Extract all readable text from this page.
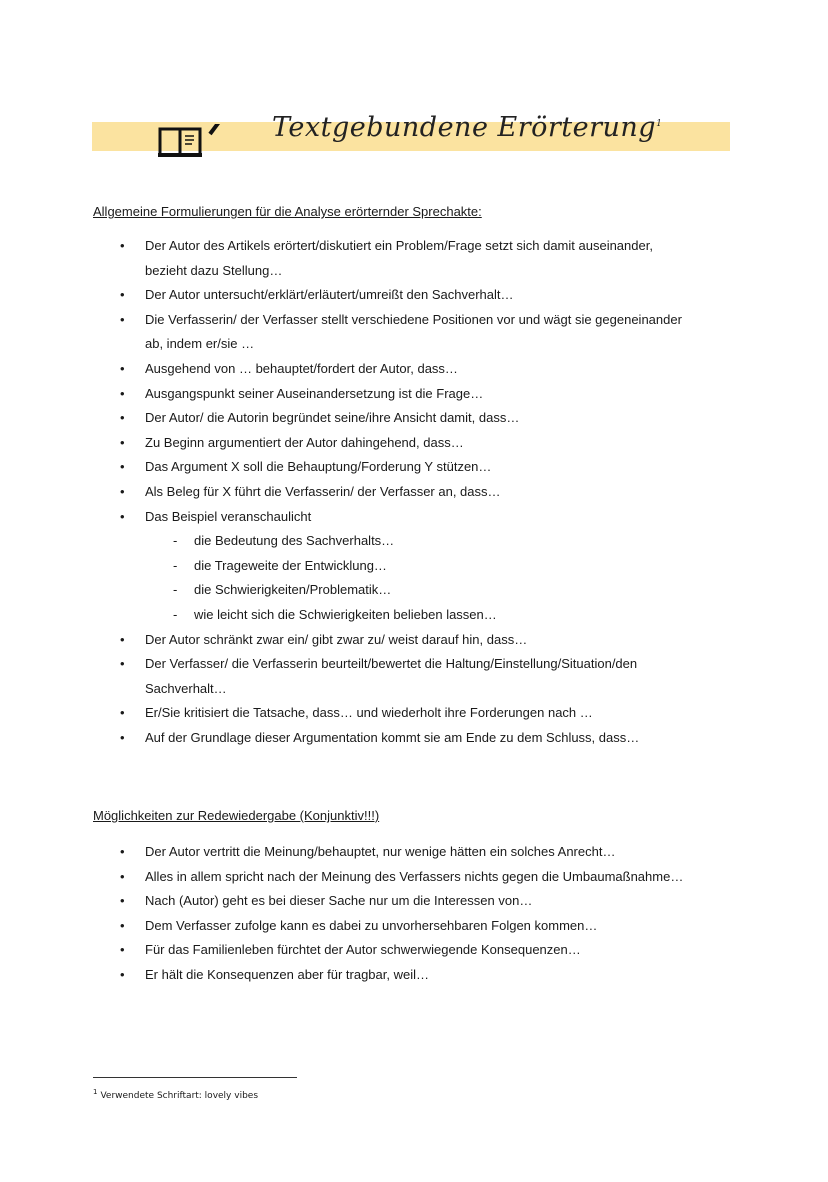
Textgebundene Erörterung$^1$
Allgemeine Formulierungen für die Analyse erörternder Sprechakte:
• Der Autor des Artikels erörtert/diskutiert ein Problem/Frage setzt sich damit auseinander,
bezieht dazu Stellung…
• Der Autor untersucht/erklärt/erläutert/umreißt den Sachverhalt…
• Die Verfasserin/ der Verfasser stellt verschiedene Positionen vor und wägt sie gegeneinander
ab, indem er/sie …
• Ausgehend von … behauptet/fordert der Autor, dass…
• Ausgangspunkt seiner Auseinandersetzung ist die Frage…
• Der Autor/ die Autorin begründet seine/ihre Ansicht damit, dass…
• Zu Beginn argumentiert der Autor dahingehend, dass…
• Das Argument X soll die Behauptung/Forderung Y stützen…
• Als Beleg für X führt die Verfasserin/ der Verfasser an, dass…
• Das Beispiel veranschaulicht
- die Bedeutung des Sachverhalts…
- die Trageweite der Entwicklung…
- die Schwierigkeiten/Problematik…
- wie leicht sich die Schwierigkeiten belieben lassen…
• Der Autor schränkt zwar ein/ gibt zwar zu/ weist darauf hin, dass…
• Der Verfasser/ die Verfasserin beurteilt/bewertet die Haltung/Einstellung/Situation/den
Sachverhalt…
• Er/Sie kritisiert die Tatsache, dass… und wiederholt ihre Forderungen nach …
• Auf der Grundlage dieser Argumentation kommt sie am Ende zu dem Schluss, dass…
Möglichkeiten zur Redewiedergabe (Konjunktiv!!!)
• Der Autor vertritt die Meinung/behauptet, nur wenige hätten ein solches Anrecht…
• Alles in allem spricht nach der Meinung des Verfassers nichts gegen die Umbaumaßnahme…
• Nach (Autor) geht es bei dieser Sache nur um die Interessen von…
• Dem Verfasser zufolge kann es dabei zu unvorhersehbaren Folgen kommen…
• Für das Familienleben fürchtet der Autor schwerwiegende Konsequenzen…
• Er hält die Konsequenzen aber für tragbar, weil…
$^1$ Verwendete Schriftart: lovely vibes
